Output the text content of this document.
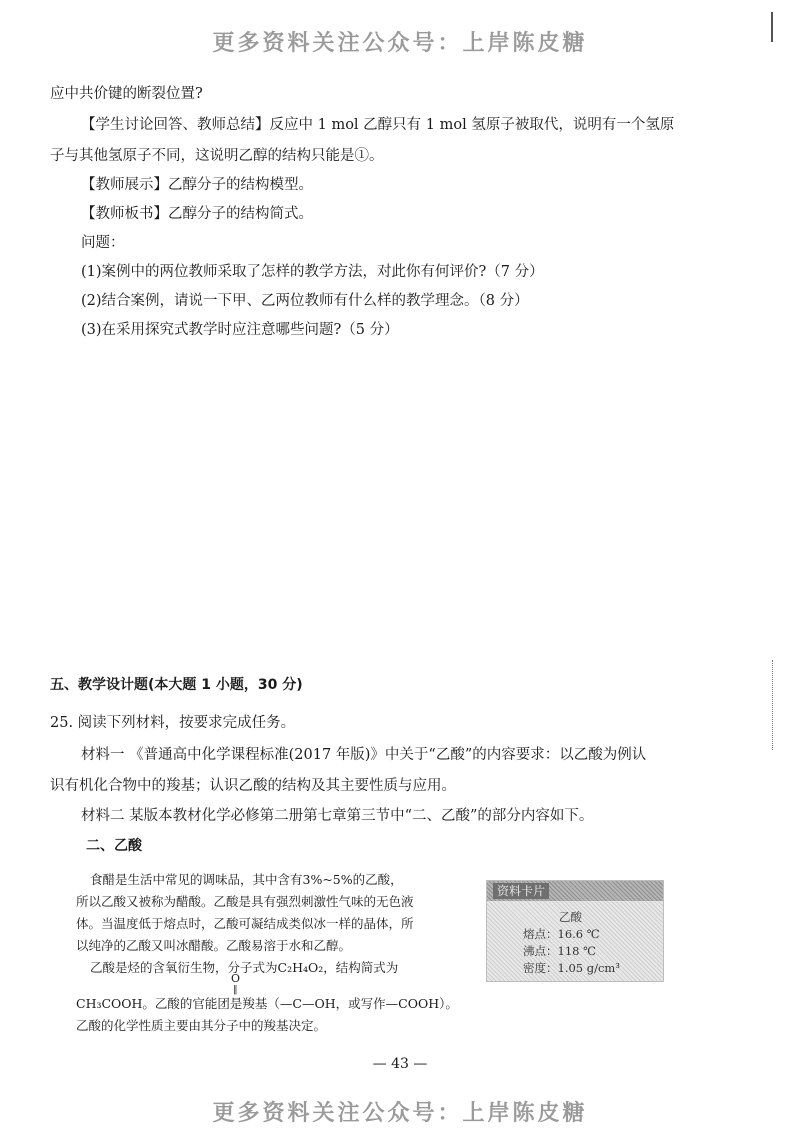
更多资料关注公众号：上岸陈皮糖
应中共价键的断裂位置?
【学生讨论回答、教师总结】反应中 1 mol 乙醇只有 1 mol 氢原子被取代，说明有一个氢原
子与其他氢原子不同，这说明乙醇的结构只能是①。
【教师展示】乙醇分子的结构模型。
【教师板书】乙醇分子的结构简式。
问题：
(1)案例中的两位教师采取了怎样的教学方法，对此你有何评价?（7 分）
(2)结合案例，请说一下甲、乙两位教师有什么样的教学理念。（8 分）
(3)在采用探究式教学时应注意哪些问题?（5 分）
五、教学设计题(本大题 1 小题，30 分)
25. 阅读下列材料，按要求完成任务。
材料一 《普通高中化学课程标准(2017 年版)》中关于“乙酸”的内容要求：以乙酸为例认
识有机化合物中的羧基；认识乙酸的结构及其主要性质与应用。
材料二 某版本教材化学必修第二册第七章第三节中“二、乙酸”的部分内容如下。
二、乙酸
食醋是生活中常见的调味品，其中含有3%~5%的乙酸，
所以乙酸又被称为醋酸。乙酸是具有强烈刺激性气味的无色液
体。当温度低于熔点时，乙酸可凝结成类似冰一样的晶体，所
以纯净的乙酸又叫冰醋酸。乙酸易溶于水和乙醇。
乙酸是烃的含氧衍生物，分子式为C₂H₄O₂，结构简式为
O
‖
CH₃COOH。乙酸的官能团是羧基（—C—OH，或写作—COOH）。
乙酸的化学性质主要由其分子中的羧基决定。
资料卡片
乙酸
熔点：16.6 ℃
沸点：118 ℃
密度：1.05 g/cm³
— 43 —
更多资料关注公众号：上岸陈皮糖
